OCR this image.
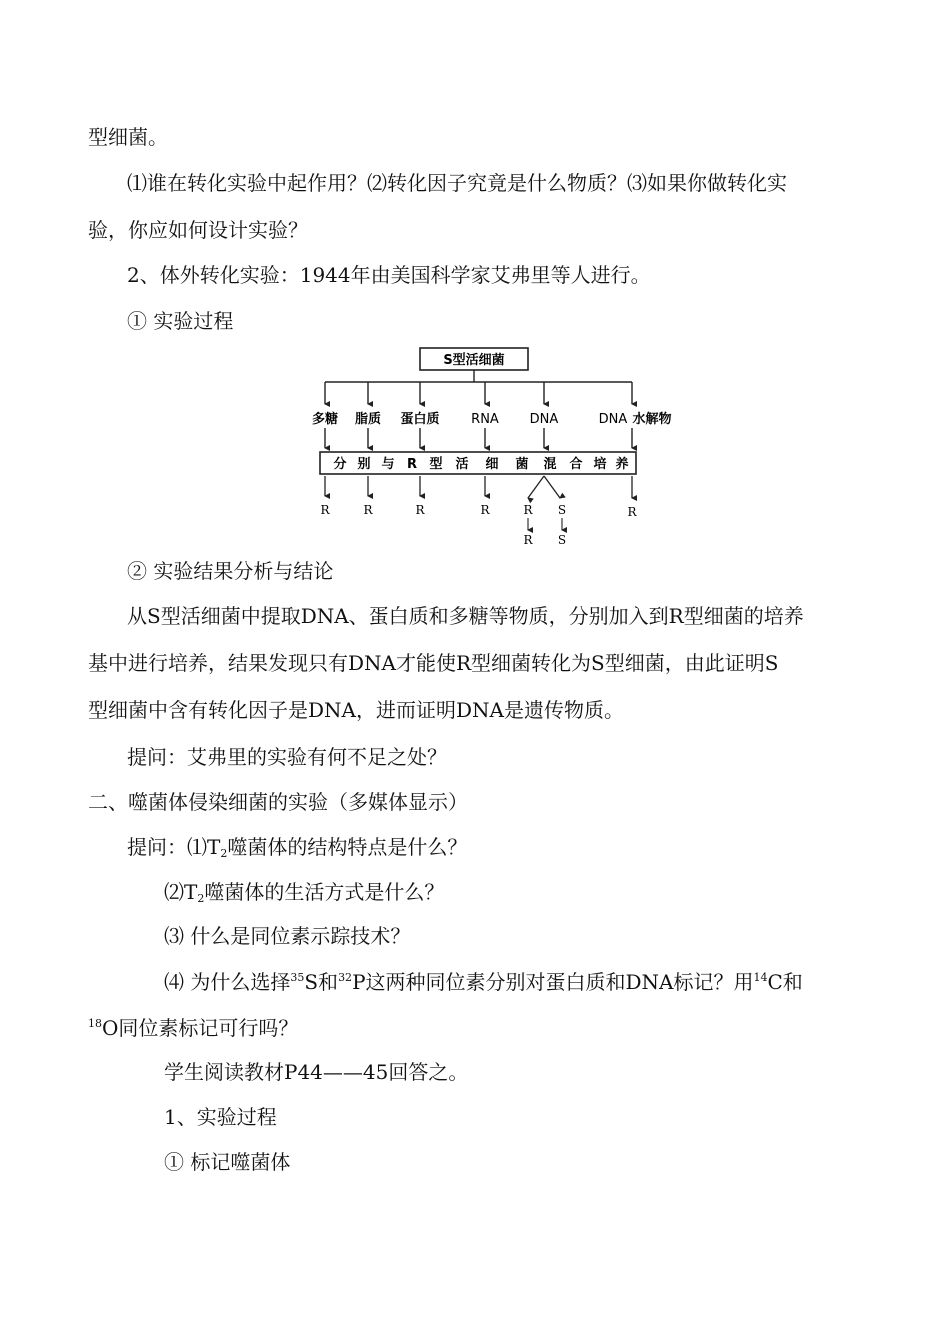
型细菌。
⑴谁在转化实验中起作用？⑵转化因子究竟是什么物质？⑶如果你做转化实
验，你应如何设计实验？
2、体外转化实验：1944年由美国科学家艾弗里等人进行。
① 实验过程
S型活细菌
多糖 脂质 蛋白质 RNA DNA	DNA 水解物
分 别 与 R 型 活 细 菌 混 合 培 养
R	R	R	R	R S	R
R S
② 实验结果分析与结论
从S型活细菌中提取DNA、蛋白质和多糖等物质，分别加入到R型细菌的培养
基中进行培养，结果发现只有DNA才能使R型细菌转化为S型细菌，由此证明S
型细菌中含有转化因子是DNA，进而证明DNA是遗传物质。
提问：艾弗里的实验有何不足之处？
二、噬菌体侵染细菌的实验（多媒体显示）
提问：$⑴T_2$噬菌体的结构特点是什么？
$⑵T_2$噬菌体的生活方式是什么？
⑶ 什么是同位素示踪技术？
⑷ 为什么选择$^{35}$S和$^{32}$P这两种同位素分别对蛋白质和DNA标记？用$^{14}$C和
$^{18}$O同位素标记可行吗？
学生阅读教材P44——45回答之。
1、实验过程
① 标记噬菌体
